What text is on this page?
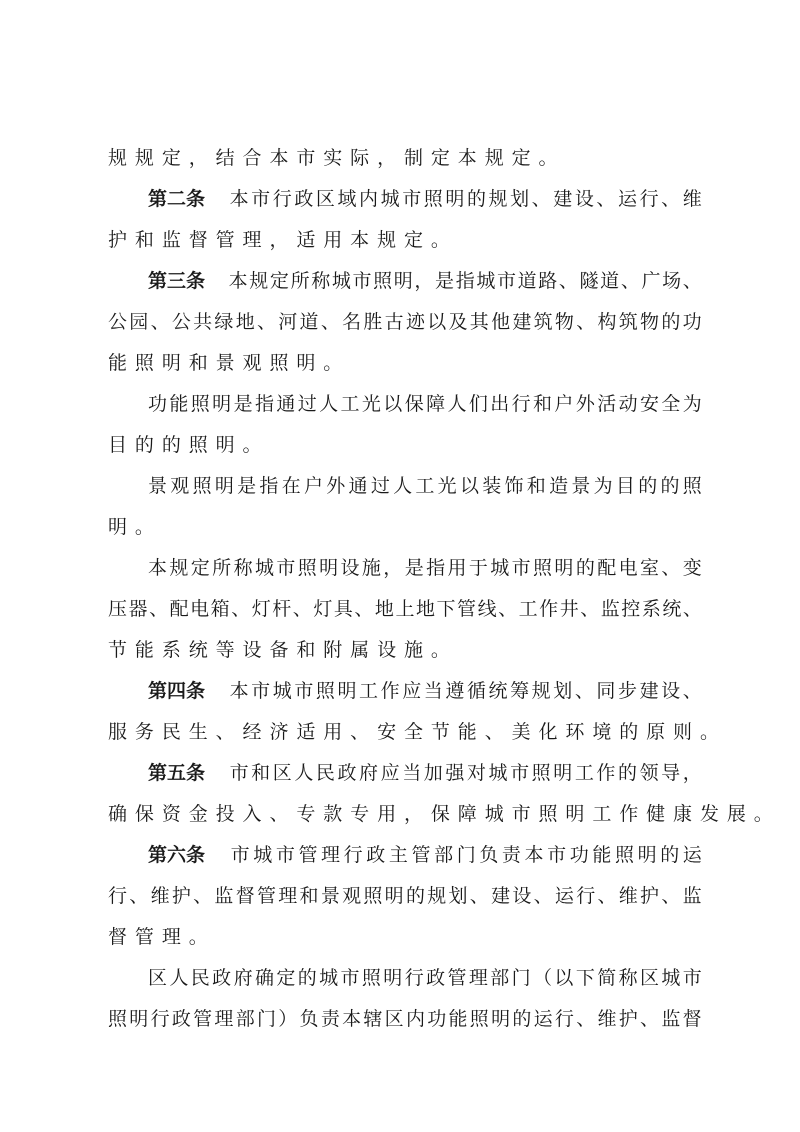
规 规 定 ， 结 合 本 市 实 际 ， 制 定 本 规 定 。
第二条 本 市 行 政 区 域 内 城 市 照 明 的 规 划 、 建 设 、 运 行 、 维
护 和 监 督 管 理 ， 适 用 本 规 定 。
第三条 本 规 定 所 称 城 市 照 明 ， 是 指 城 市 道 路 、 隧 道 、 广 场 、
公 园 、 公 共 绿 地 、 河 道 、 名 胜 古 迹 以 及 其 他 建 筑 物 、 构 筑 物 的 功
能 照 明 和 景 观 照 明 。
功 能 照 明 是 指 通 过 人 工 光 以 保 障 人 们 出 行 和 户 外 活 动 安 全 为
目 的 的 照 明 。
景 观 照 明 是 指 在 户 外 通 过 人 工 光 以 装 饰 和 造 景 为 目 的 的 照
明 。
本 规 定 所 称 城 市 照 明 设 施 ， 是 指 用 于 城 市 照 明 的 配 电 室 、 变
压 器 、 配 电 箱 、 灯 杆 、 灯 具 、 地 上 地 下 管 线 、 工 作 井 、 监 控 系 统 、
节 能 系 统 等 设 备 和 附 属 设 施 。
第四条 本 市 城 市 照 明 工 作 应 当 遵 循 统 筹 规 划 、 同 步 建 设 、
服 务 民 生 、 经 济 适 用 、 安 全 节 能 、 美 化 环 境 的 原 则 。
第五条 市 和 区 人 民 政 府 应 当 加 强 对 城 市 照 明 工 作 的 领 导 ，
确 保 资 金 投 入 、 专 款 专 用 ， 保 障 城 市 照 明 工 作 健 康 发 展 。
第六条 市 城 市 管 理 行 政 主 管 部 门 负 责 本 市 功 能 照 明 的 运
行 、 维 护 、 监 督 管 理 和 景 观 照 明 的 规 划 、 建 设 、 运 行 、 维 护 、 监
督 管 理 。
区 人 民 政 府 确 定 的 城 市 照 明 行 政 管 理 部 门 （ 以 下 简 称 区 城 市
照 明 行 政 管 理 部 门 ） 负 责 本 辖 区 内 功 能 照 明 的 运 行 、 维 护 、 监 督
